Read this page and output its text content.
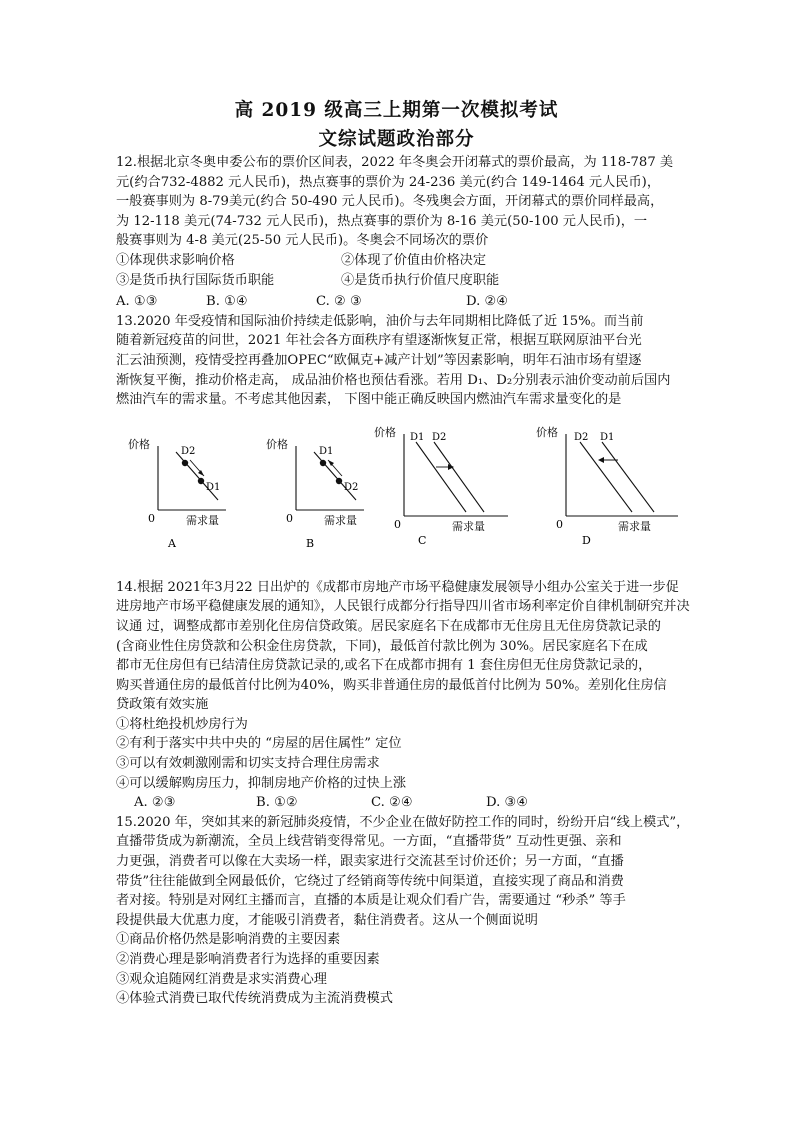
高 2019 级高三上期第一次模拟考试
文综试题政治部分

12.根据北京冬奥申委公布的票价区间表，2022 年冬奥会开闭幕式的票价最高，为 118-787 美

元(约合732-4882 元人民币)，热点赛事的票价为 24-236 美元(约合 149-1464 元人民币)，

一般赛事则为 8-79美元(约合 50-490 元人民币)。冬残奥会方面，开闭幕式的票价同样最高，

为 12-118 美元(74-732 元人民币)，热点赛事的票价为 8-16 美元(50-100 元人民币)，一

般赛事则为 4-8 美元(25-50 元人民币)。冬奥会不同场次的票价

①体现供求影响价格	②体现了价值由价格决定
③是货币执行国际货币职能	④是货币执行价值尺度职能
A. ①③	B. ①④	C. ② ③	D. ②④

13.2020 年受疫情和国际油价持续走低影响，油价与去年同期相比降低了近 15%。而当前

随着新冠疫苗的问世，2021 年社会各方面秩序有望逐渐恢复正常，根据互联网原油平台光

汇云油预测，疫情受控再叠加OPEC“欧佩克+减产计划”等因素影响，明年石油市场有望逐

渐恢复平衡，推动价格走高， 成品油价格也预估看涨。若用 D₁、D₂分别表示油价变动前后国内

燃油汽车的需求量。不考虑其他因素， 下图中能正确反映国内燃油汽车需求量变化的是

价格
0	需求量
D2
D1
A
价格
0	需求量
D1
D2
B
价格
0	需求量
D1 D2
C
价格
0	需求量
D2 D1
D

14.根据 2021年3月22 日出炉的《成都市房地产市场平稳健康发展领导小组办公室关于进一步促

进房地产市场平稳健康发展的通知》，人民银行成都分行指导四川省市场利率定价自律机制研究并决

议通 过，调整成都市差别化住房信贷政策。居民家庭名下在成都市无住房且无住房贷款记录的

(含商业性住房贷款和公积金住房贷款，下同)，最低首付款比例为 30%。居民家庭名下在成

都市无住房但有已结清住房贷款记录的,或名下在成都市拥有 1 套住房但无住房贷款记录的，

购买普通住房的最低首付比例为40%，购买非普通住房的最低首付比例为 50%。差别化住房信

贷政策有效实施

①将杜绝投机炒房行为

②有利于落实中共中央的 “房屋的居住属性” 定位

③可以有效刺激刚需和切实支持合理住房需求

④可以缓解购房压力，抑制房地产价格的过快上涨

A. ②③	B. ①②	C. ②④	D. ③④

15.2020 年，突如其来的新冠肺炎疫情，不少企业在做好防控工作的同时，纷纷开启“线上模式”，

直播带货成为新潮流，全员上线营销变得常见。一方面，“直播带货” 互动性更强、亲和

力更强，消费者可以像在大卖场一样，跟卖家进行交流甚至讨价还价；另一方面，“直播

带货”往往能做到全网最低价，它绕过了经销商等传统中间渠道，直接实现了商品和消费

者对接。特别是对网红主播而言，直播的本质是让观众们看广告，需要通过 “秒杀” 等手

段提供最大优惠力度，才能吸引消费者，黏住消费者。这从一个侧面说明

①商品价格仍然是影响消费的主要因素

②消费心理是影响消费者行为选择的重要因素

③观众追随网红消费是求实消费心理

④体验式消费已取代传统消费成为主流消费模式
